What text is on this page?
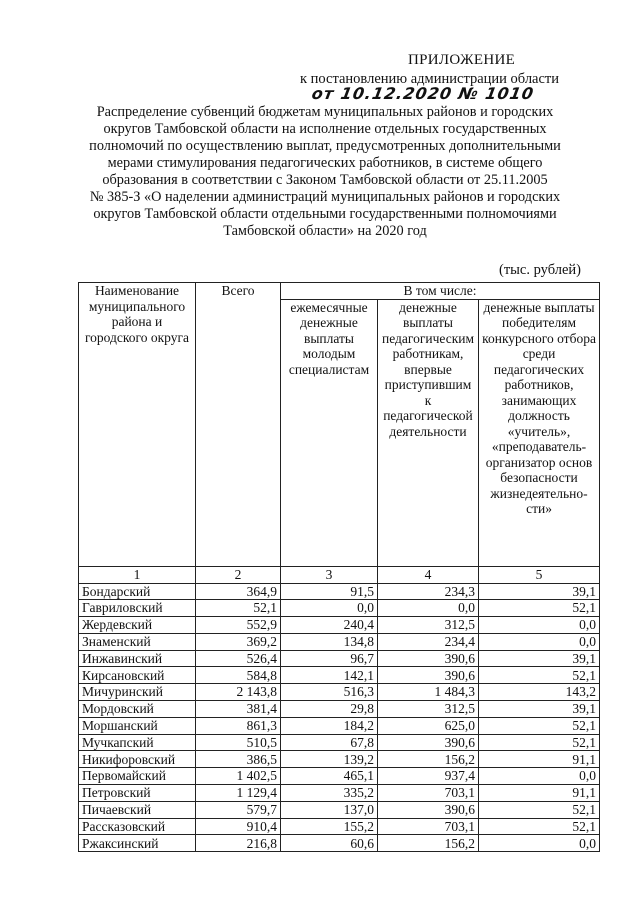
ПРИЛОЖЕНИЕ
к постановлению администрации области
от 10.12.2020 № 1010
Распределение субвенций бюджетам муниципальных районов и городских
округов Тамбовской области на исполнение отдельных государственных
полномочий по осуществлению выплат, предусмотренных дополнительными
мерами стимулирования педагогических работников, в системе общего
образования в соответствии с Законом Тамбовской области от 25.11.2005
№ 385-З «О наделении администраций муниципальных районов и городских
округов Тамбовской области отдельными государственными полномочиями
Тамбовской области» на 2020 год
(тыс. рублей)
Наименование муниципального района и городского округа	Всего	В том числе:		
		ежемесячные денежные выплаты молодым специалистам	денежные выплаты педагогическим работникам, впервые приступившим к педагогической деятельности	денежные выплаты победителям конкурсного отбора среди педагогических работников, занимающих должность «учитель», «преподаватель-организатор основ безопасности жизнедеятельно-сти»
1	2	3	4	5
Бондарский	364,9	91,5	234,3	39,1
Гавриловский	52,1	0,0	0,0	52,1
Жердевский	552,9	240,4	312,5	0,0
Знаменский	369,2	134,8	234,4	0,0
Инжавинский	526,4	96,7	390,6	39,1
Кирсановский	584,8	142,1	390,6	52,1
Мичуринский	2 143,8	516,3	1 484,3	143,2
Мордовский	381,4	29,8	312,5	39,1
Моршанский	861,3	184,2	625,0	52,1
Мучкапский	510,5	67,8	390,6	52,1
Никифоровский	386,5	139,2	156,2	91,1
Первомайский	1 402,5	465,1	937,4	0,0
Петровский	1 129,4	335,2	703,1	91,1
Пичаевский	579,7	137,0	390,6	52,1
Рассказовский	910,4	155,2	703,1	52,1
Ржаксинский	216,8	60,6	156,2	0,0
